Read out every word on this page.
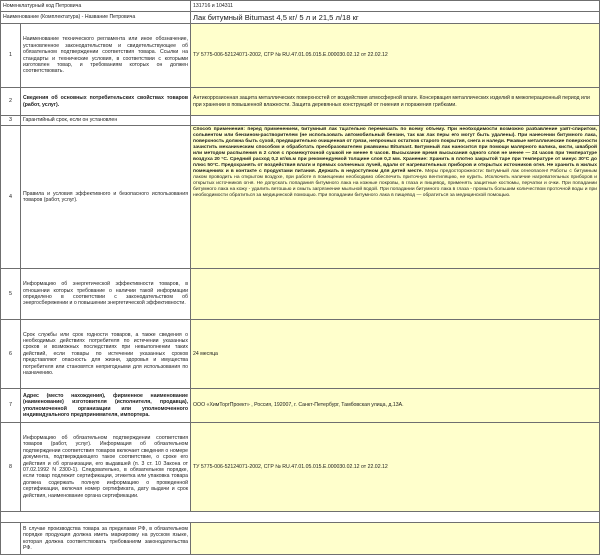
Номенклатурный код Петровича		131716 и 104311
Наименование (Комплектатура) - Название Петровича		Лак битумный Bitumast 4,5 кг/ 5 л и 21,5 л/18 кг
1	Наименование технического регламента или иное обозначение, установленное законодательством и свидетельствующее об обязательном подтверждении соответствия товара. Ссылки на стандарты и технические условия, в соответствии с которыми изготовлен товар, и требованиям которых он должен соответствовать.	ТУ 5775-006-52124071-2002, СГР № RU.47.01.05.015.Е.000030.02.12 от 22.02.12
2	Сведения об основных потребительских свойствах товаров (работ, услуг).	Антикоррозионная защита металлических поверхностей от воздействия атмосферной влаги. Консервация металлических изделий в межоперационный период или при хранении в повышенной влажности. Защита деревянных конструкций от гниения и поражения грибками.
3	Гарантийный срок, если он установлен	
4	Правила и условия эффективного и безопасного использования товаров (работ, услуг).	Способ применения: перед применением, битумный лак тщательно перемешать по всему объему. При необходимости возможно разбавление уайт-спиритом, сольвентом или бензином-растворителем (не использовать автомобильный бензин, так как лак перы его могут быть удалены). При нанесении битумного лака, поверхность должна быть сухой, предварительно очищенная от грязи, непрочных остатков старого покрытия, снега и наледи. Ржавые металлические поверхности зачистить механическим способом и обработать преобразователем ржавчины Bitumast. Битумный лак наносится при помощи малярного валика, кисти, шваброй или методом распыления в 2 слоя с промежуточной сушкой не менее 6 часов. Высыхание время высыхания одного слоя не менее — 24 часов при температуре воздуха 20 °С. Средний расход 0,2 кг/кв.м при рекомендуемой толщине слоя 0,2 мм. Хранение: Хранить в плотно закрытой таре при температуре от минус 30°С до плюс 50°С. Предохранять от воздействия влаги и прямых солнечных лучей, вдали от нагревательных приборов и открытых источников огня. Не хранить в жилых помещениях и в контакте с продуктами питания. Держать в недоступном для детей месте. Меры предосторожности: Битумный лак огнеопасен! Работы с битумным лаком проводить на открытом воздухе, при работе в помещении необходимо обеспечить приточную вентиляцию, не курить. Исключить наличие нагревательных приборов и открытых источников огня. Не допускать попадания битумного лака на кожные покровы, в глаза и пищевод, применять защитные костюмы, перчатки и очки. При попадании битумного лака на кожу - удалить ветошью и смыть загрязнение мыльной водой. При попадании битумного лака в глаза - промыть большим количеством проточной воды и при необходимости обратиться за медицинской помощью. При попадании битумного лака в пищевод — обратиться за медицинской помощью.

5	Информацию об энергетической эффективности товаров, в отношении которых требование о наличии такой информации определено в соответствии с законодательством об энергосбережении и о повышении энергетической эффективности.	
6	Срок службы или срок годности товаров, а также сведения о необходимых действиях потребителя по истечении указанных сроков и возможных последствиях при невыполнении таких действий, если товары по истечении указанных сроков представляют опасность для жизни, здоровья и имущества потребителя или становятся непригодными для использования по назначению.	24 месяца
7	Адрес (место нахождения), фирменное наименование (наименование) изготовителя (исполнителя, продавца), уполномоченной организации или уполномоченного индивидуального предпринимателя, импортера.	ООО «ХимТоргПроект» , Россия, 192007, г. Санкт-Петербург, Тамбовская улица, д.13А.
8	Информацию об обязательном подтверждении соответствия товаров (работ, услуг). Информация об обязательном подтверждении соответствия товаров включает сведения о номере документа, подтверждающего такое соответствие, о сроке его действия и об организации, его выдавшей (п. 3 ст. 10 Закона от 07.02.1992 N 2300-1). Следовательно, в обязательном порядке, если товар подлежит сертификации, этикетка или упаковка товара должна содержать полную информацию о проведенной сертификации, включая номер сертификата, дату выдачи и срок действия, наименование органа сертификации.	ТУ 5775-006-52124071-2002, СГР № RU.47.01.05.015.Е.000030.02.12 от 22.02.12

	В случае производства товара за пределами РФ, в обязательном порядке продукция должна иметь маркировку на русском языке, которая должна соответствовать требованиям законодательства РФ.	
